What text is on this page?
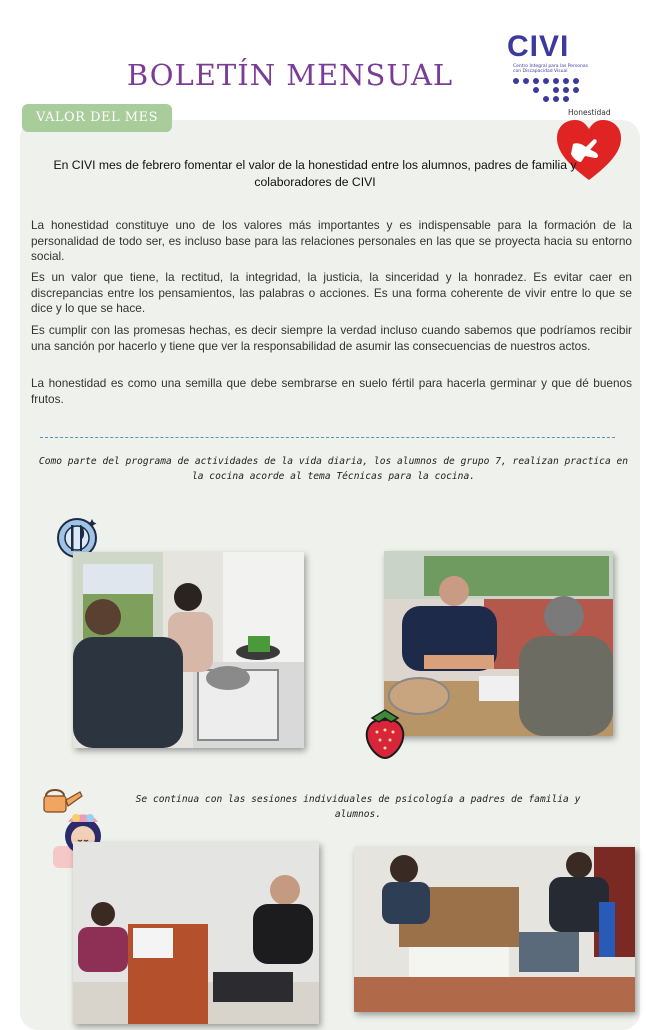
BOLETÍN MENSUAL
CIVI
Centro Integral para las Personas con Discapacidad Visual
VALOR DEL MES	Honestidad
En CIVI mes de febrero fomentar el valor de la honestidad entre los alumnos, padres de familia y colaboradores de CIVI
La honestidad constituye uno de los valores más importantes y es indispensable para la formación de la personalidad de todo ser, es incluso base para las relaciones personales en las que se proyecta hacia su entorno social.
Es un valor que tiene, la rectitud, la integridad, la justicia, la sinceridad y la honradez. Es evitar caer en discrepancias entre los pensamientos, las palabras o acciones. Es una forma coherente de vivir entre lo que se dice y lo que se hace.
Es cumplir con las promesas hechas, es decir siempre la verdad incluso cuando sabemos que podríamos recibir una sanción por hacerlo y tiene que ver la responsabilidad de asumir las consecuencias de nuestros actos.
La honestidad es como una semilla que debe sembrarse en suelo fértil para hacerla germinar y que dé buenos frutos.
Como parte del programa de actividades de la vida diaria, los alumnos de grupo 7, realizan practica en la cocina acorde al tema Técnicas para la cocina.
Se continua con las sesiones individuales de psicología a padres de familia y alumnos.
